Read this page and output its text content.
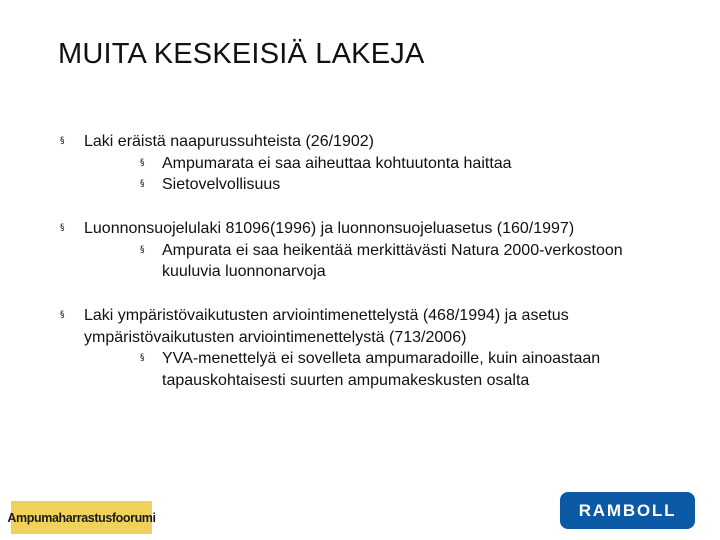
MUITA KESKEISIÄ LAKEJA
§ Laki eräistä naapurussuhteista (26/1902)
§ Ampumarata ei saa aiheuttaa kohtuutonta haittaa
§ Sietovelvollisuus
§ Luonnonsuojelulaki 81096(1996) ja luonnonsuojeluasetus (160/1997)
§ Ampurata ei saa heikentää merkittävästi Natura 2000-verkostoon kuuluvia luonnonarvoja
§ Laki ympäristövaikutusten arviointimenettelystä (468/1994) ja asetus ympäristövaikutusten arviointimenettelystä (713/2006)
§ YVA-menettelyä ei sovelleta ampumaradoille, kuin ainoastaan tapauskohtaisesti suurten ampumakeskusten osalta
Ampumaharrastusfoorumi	RAMBOLL
